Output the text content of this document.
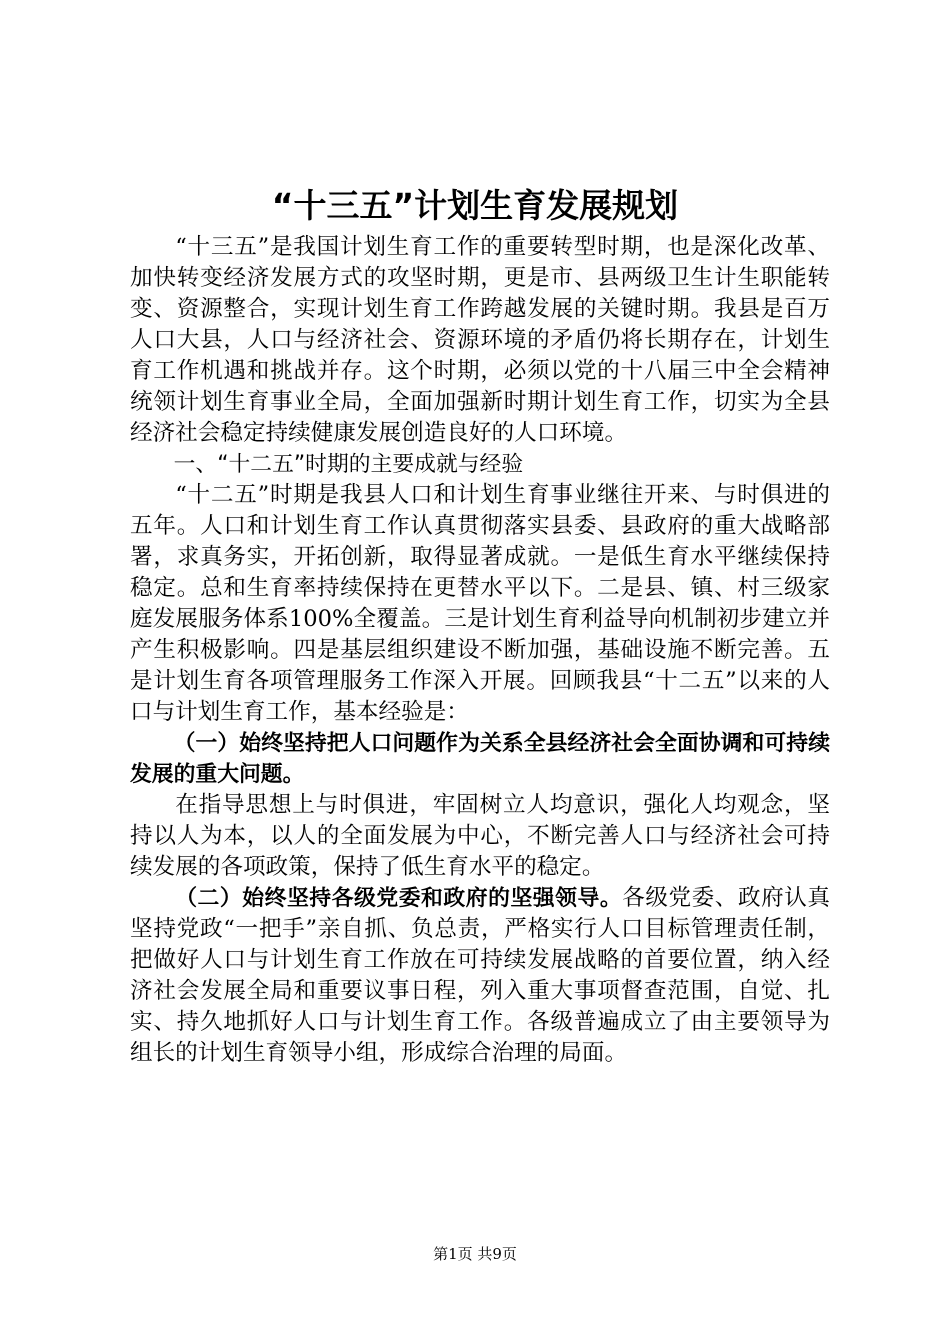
“十三五”计划生育发展规划

“十三五”是我国计划生育工作的重要转型时期，也是深化改革、加快转变经济发展方式的攻坚时期，更是市、县两级卫生计生职能转变、资源整合，实现计划生育工作跨越发展的关键时期。我县是百万人口大县，人口与经济社会、资源环境的矛盾仍将长期存在，计划生育工作机遇和挑战并存。这个时期，必须以党的十八届三中全会精神统领计划生育事业全局，全面加强新时期计划生育工作，切实为全县经济社会稳定持续健康发展创造良好的人口环境。

一、“十二五”时期的主要成就与经验

“十二五”时期是我县人口和计划生育事业继往开来、与时俱进的五年。人口和计划生育工作认真贯彻落实县委、县政府的重大战略部署，求真务实，开拓创新，取得显著成就。一是低生育水平继续保持稳定。总和生育率持续保持在更替水平以下。二是县、镇、村三级家庭发展服务体系100%全覆盖。三是计划生育利益导向机制初步建立并产生积极影响。四是基层组织建设不断加强，基础设施不断完善。五是计划生育各项管理服务工作深入开展。回顾我县“十二五”以来的人口与计划生育工作，基本经验是：

（一）始终坚持把人口问题作为关系全县经济社会全面协调和可持续发展的重大问题。

在指导思想上与时俱进，牢固树立人均意识，强化人均观念，坚持以人为本，以人的全面发展为中心，不断完善人口与经济社会可持续发展的各项政策，保持了低生育水平的稳定。

（二）始终坚持各级党委和政府的坚强领导。各级党委、政府认真坚持党政“一把手”亲自抓、负总责，严格实行人口目标管理责任制，把做好人口与计划生育工作放在可持续发展战略的首要位置，纳入经济社会发展全局和重要议事日程，列入重大事项督查范围，自觉、扎实、持久地抓好人口与计划生育工作。各级普遍成立了由主要领导为组长的计划生育领导小组，形成综合治理的局面。

第1页 共9页
